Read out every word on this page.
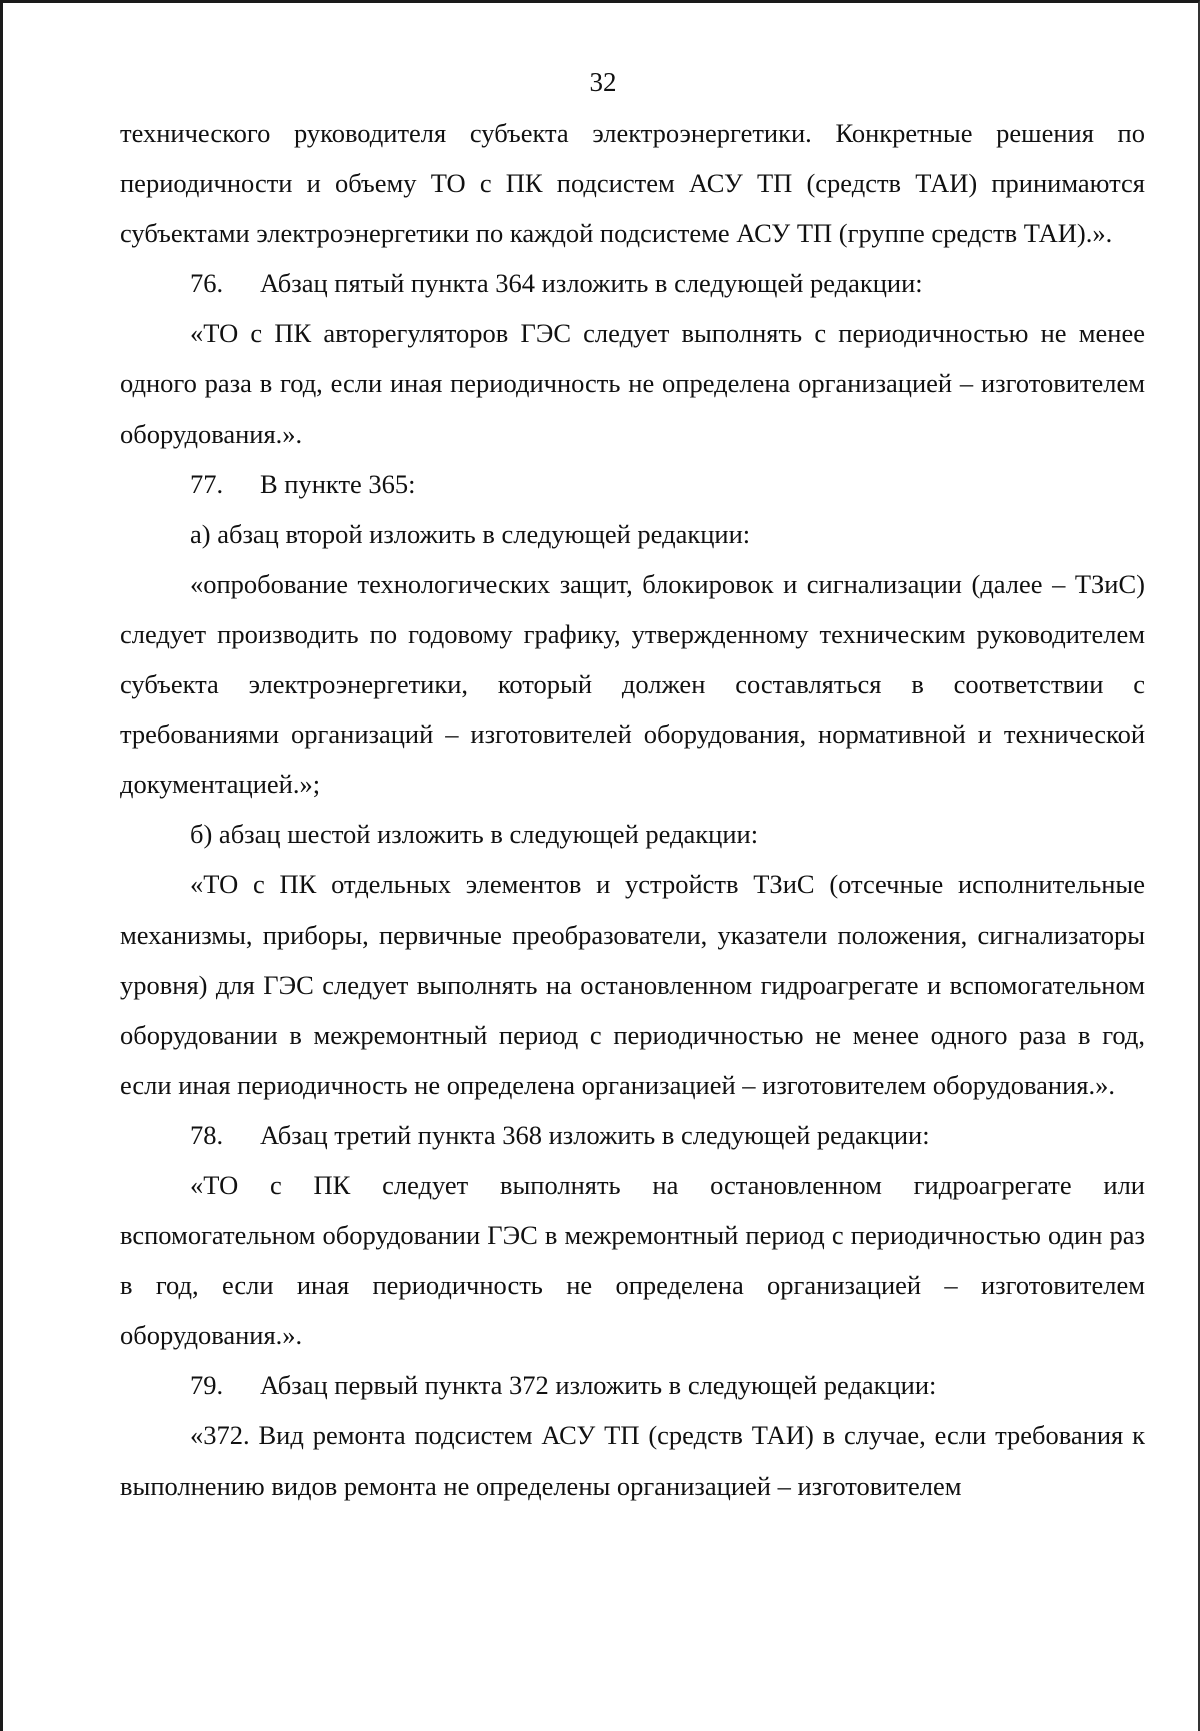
32

технического руководителя субъекта электроэнергетики. Конкретные решения по периодичности и объему ТО с ПК подсистем АСУ ТП (средств ТАИ) принимаются субъектами электроэнергетики по каждой подсистеме АСУ ТП (группе средств ТАИ).».

76. Абзац пятый пункта 364 изложить в следующей редакции:

«ТО с ПК авторегуляторов ГЭС следует выполнять с периодичностью не менее одного раза в год, если иная периодичность не определена организацией – изготовителем оборудования.».

77. В пункте 365:

а) абзац второй изложить в следующей редакции:

«опробование технологических защит, блокировок и сигнализации (далее – ТЗиС) следует производить по годовому графику, утвержденному техническим руководителем субъекта электроэнергетики, который должен составляться в соответствии с требованиями организаций – изготовителей оборудования, нормативной и технической документацией.»;

б) абзац шестой изложить в следующей редакции:

«ТО с ПК отдельных элементов и устройств ТЗиС (отсечные исполнительные механизмы, приборы, первичные преобразователи, указатели положения, сигнализаторы уровня) для ГЭС следует выполнять на остановленном гидроагрегате и вспомогательном оборудовании в межремонтный период с периодичностью не менее одного раза в год, если иная периодичность не определена организацией – изготовителем оборудования.».

78. Абзац третий пункта 368 изложить в следующей редакции:

«ТО с ПК следует выполнять на остановленном гидроагрегате или вспомогательном оборудовании ГЭС в межремонтный период с периодичностью один раз в год, если иная периодичность не определена организацией – изготовителем оборудования.».

79. Абзац первый пункта 372 изложить в следующей редакции:

«372. Вид ремонта подсистем АСУ ТП (средств ТАИ) в случае, если требования к выполнению видов ремонта не определены организацией – изготовителем
